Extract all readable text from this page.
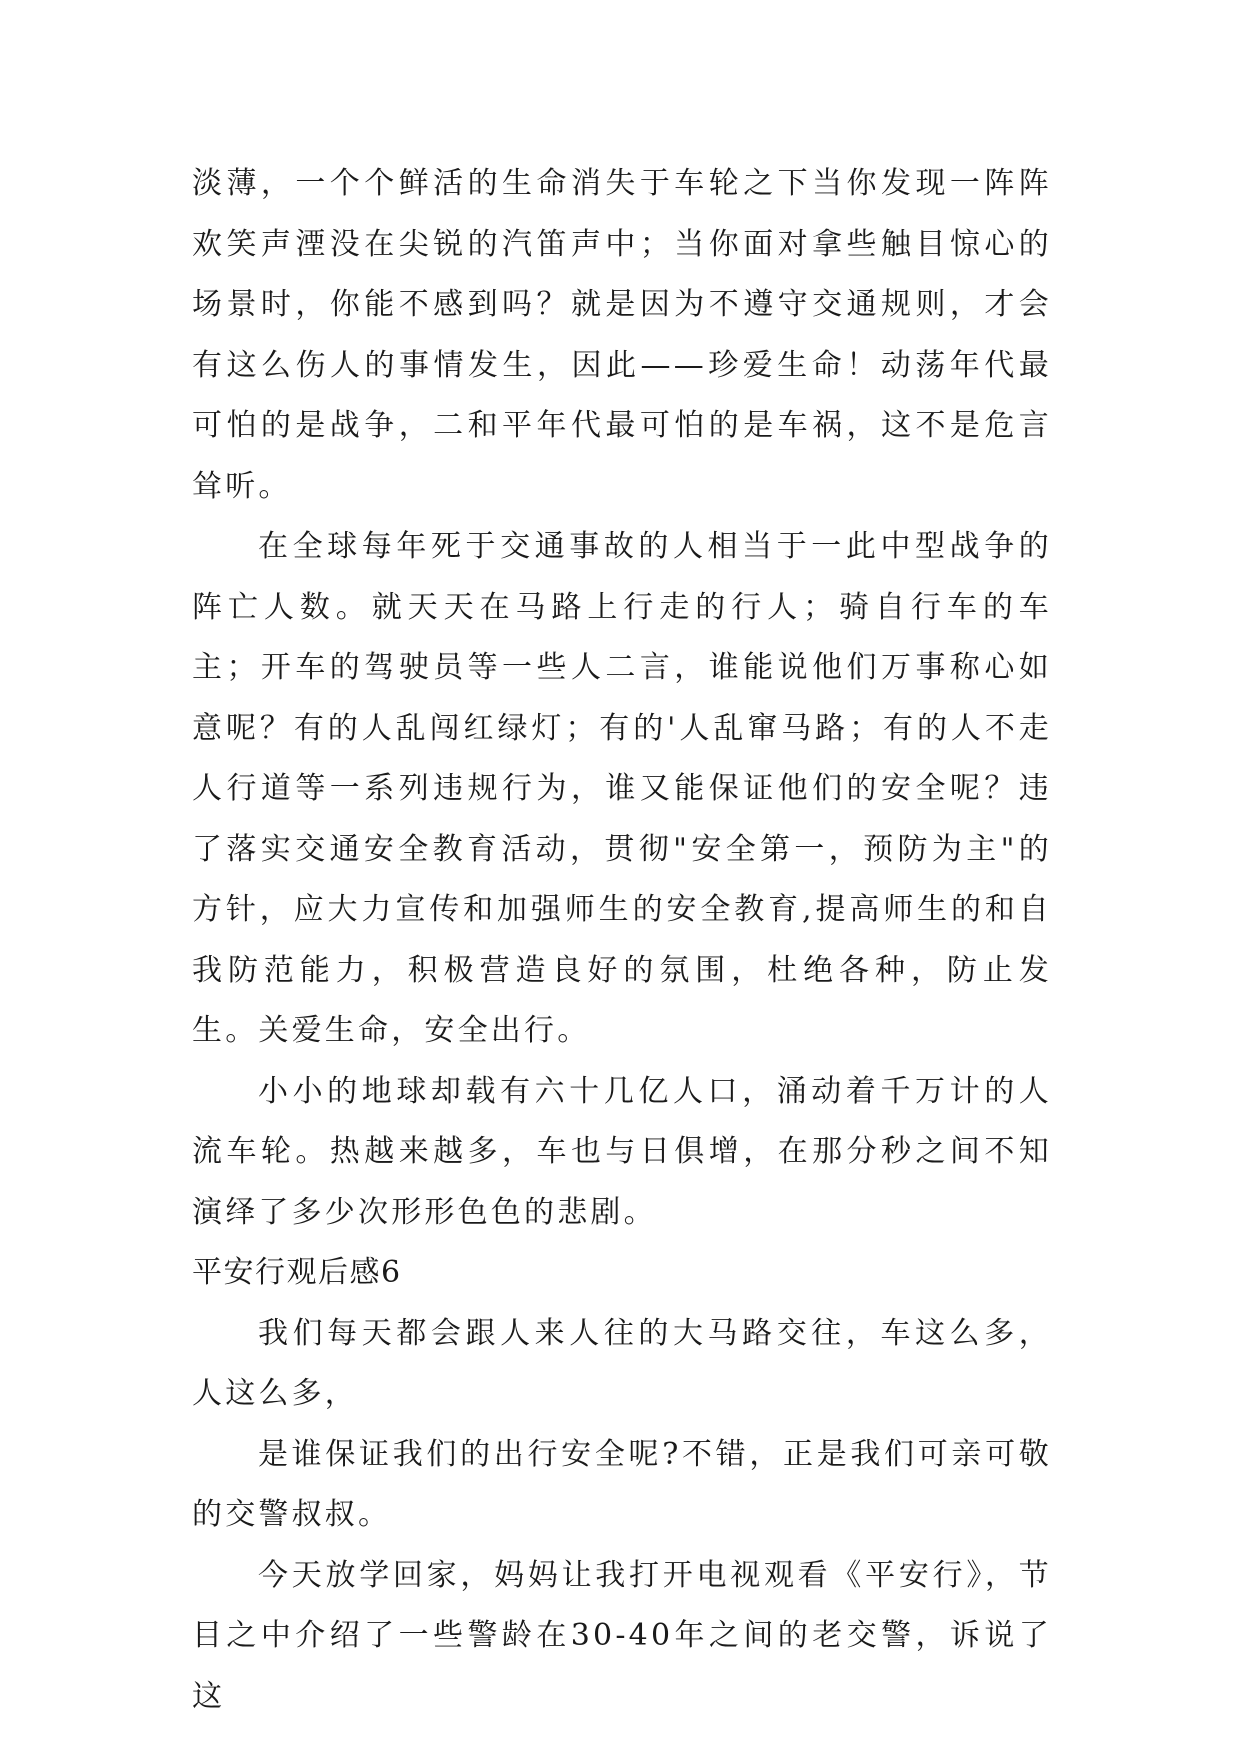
淡薄，一个个鲜活的生命消失于车轮之下当你发现一阵阵欢笑声湮没在尖锐的汽笛声中；当你面对拿些触目惊心的场景时，你能不感到吗？就是因为不遵守交通规则，才会有这么伤人的事情发生，因此——珍爱生命！动荡年代最可怕的是战争，二和平年代最可怕的是车祸，这不是危言耸听。

在全球每年死于交通事故的人相当于一此中型战争的阵亡人数。就天天在马路上行走的行人；骑自行车的车主；开车的驾驶员等一些人二言，谁能说他们万事称心如意呢？有的人乱闯红绿灯；有的'人乱窜马路；有的人不走人行道等一系列违规行为，谁又能保证他们的安全呢？违了落实交通安全教育活动，贯彻"安全第一，预防为主"的方针，应大力宣传和加强师生的安全教育,提高师生的和自我防范能力，积极营造良好的氛围，杜绝各种，防止发生。关爱生命，安全出行。

小小的地球却载有六十几亿人口，涌动着千万计的人流车轮。热越来越多，车也与日俱增，在那分秒之间不知演绎了多少次形形色色的悲剧。

平安行观后感6

我们每天都会跟人来人往的大马路交往，车这么多，人这么多，

是谁保证我们的出行安全呢?不错，正是我们可亲可敬的交警叔叔。

今天放学回家，妈妈让我打开电视观看《平安行》，节目之中介绍了一些警龄在30-40年之间的老交警，诉说了这
